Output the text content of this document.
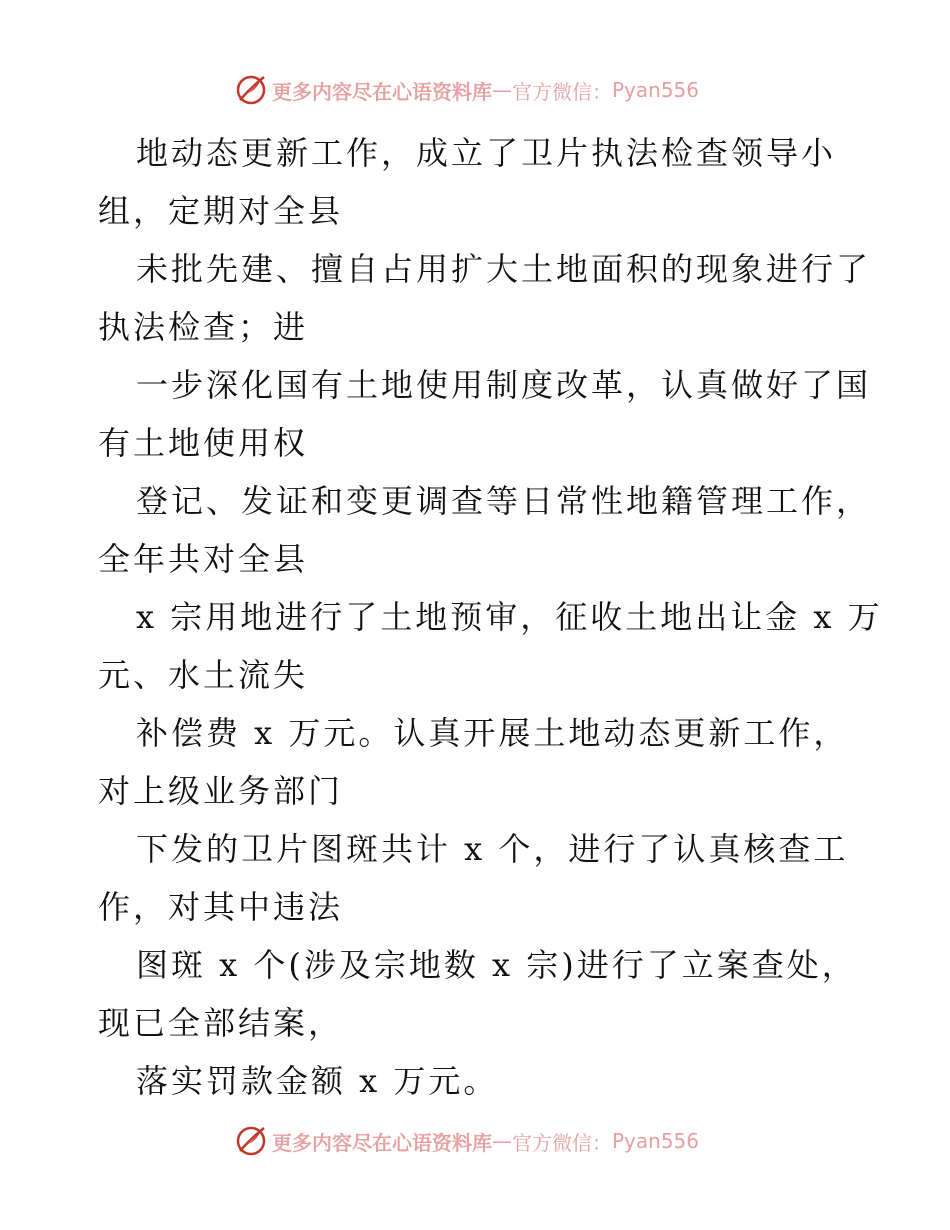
更多内容尽在心语资料库 — 官方微信： Pyan556

地动态更新工作，成立了卫片执法检查领导小
组，定期对全县

未批先建、擅自占用扩大土地面积的现象进行了
执法检查；进

一步深化国有土地使用制度改革，认真做好了国
有土地使用权

登记、发证和变更调查等日常性地籍管理工作，
全年共对全县

x 宗用地进行了土地预审，征收土地出让金 x 万
元、水土流失

补偿费 x 万元。认真开展土地动态更新工作，
对上级业务部门

下发的卫片图斑共计 x 个，进行了认真核查工
作，对其中违法

图斑 x 个(涉及宗地数 x 宗)进行了立案查处，
现已全部结案，

落实罚款金额 x 万元。

更多内容尽在心语资料库 — 官方微信： Pyan556
